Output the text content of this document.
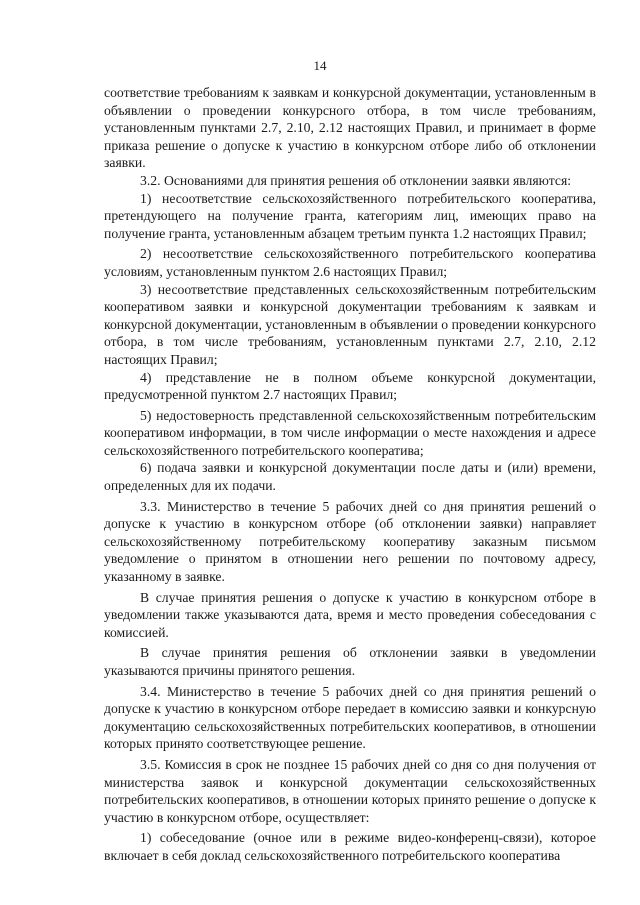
14

соответствие требованиям к заявкам и конкурсной документации, установленным в объявлении о проведении конкурсного отбора, в том числе требованиям, установленным пунктами 2.7, 2.10, 2.12 настоящих Правил, и принимает в форме приказа решение о допуске к участию в конкурсном отборе либо об отклонении заявки.

3.2. Основаниями для принятия решения об отклонении заявки являются:

1) несоответствие сельскохозяйственного потребительского кооператива, претендующего на получение гранта, категориям лиц, имеющих право на получение гранта, установленным абзацем третьим пункта 1.2 настоящих Правил;

2) несоответствие сельскохозяйственного потребительского кооператива условиям, установленным пунктом 2.6 настоящих Правил;

3) несоответствие представленных сельскохозяйственным потребительским кооперативом заявки и конкурсной документации требованиям к заявкам и конкурсной документации, установленным в объявлении о проведении конкурсного отбора, в том числе требованиям, установленным пунктами 2.7, 2.10, 2.12 настоящих Правил;

4) представление не в полном объеме конкурсной документации, предусмотренной пунктом 2.7 настоящих Правил;

5) недостоверность представленной сельскохозяйственным потребительским кооперативом информации, в том числе информации о месте нахождения и адресе сельскохозяйственного потребительского кооператива;

6) подача заявки и конкурсной документации после даты и (или) времени, определенных для их подачи.

3.3. Министерство в течение 5 рабочих дней со дня принятия решений о допуске к участию в конкурсном отборе (об отклонении заявки) направляет сельскохозяйственному потребительскому кооперативу заказным письмом уведомление о принятом в отношении него решении по почтовому адресу, указанному в заявке.

В случае принятия решения о допуске к участию в конкурсном отборе в уведомлении также указываются дата, время и место проведения собеседования с комиссией.

В случае принятия решения об отклонении заявки в уведомлении указываются причины принятого решения.

3.4. Министерство в течение 5 рабочих дней со дня принятия решений о допуске к участию в конкурсном отборе передает в комиссию заявки и конкурсную документацию сельскохозяйственных потребительских кооперативов, в отношении которых принято соответствующее решение.

3.5. Комиссия в срок не позднее 15 рабочих дней со дня со дня получения от министерства заявок и конкурсной документации сельскохозяйственных потребительских кооперативов, в отношении которых принято решение о допуске к участию в конкурсном отборе, осуществляет:

1) собеседование (очное или в режиме видео-конференц-связи), которое включает в себя доклад сельскохозяйственного потребительского кооператива
